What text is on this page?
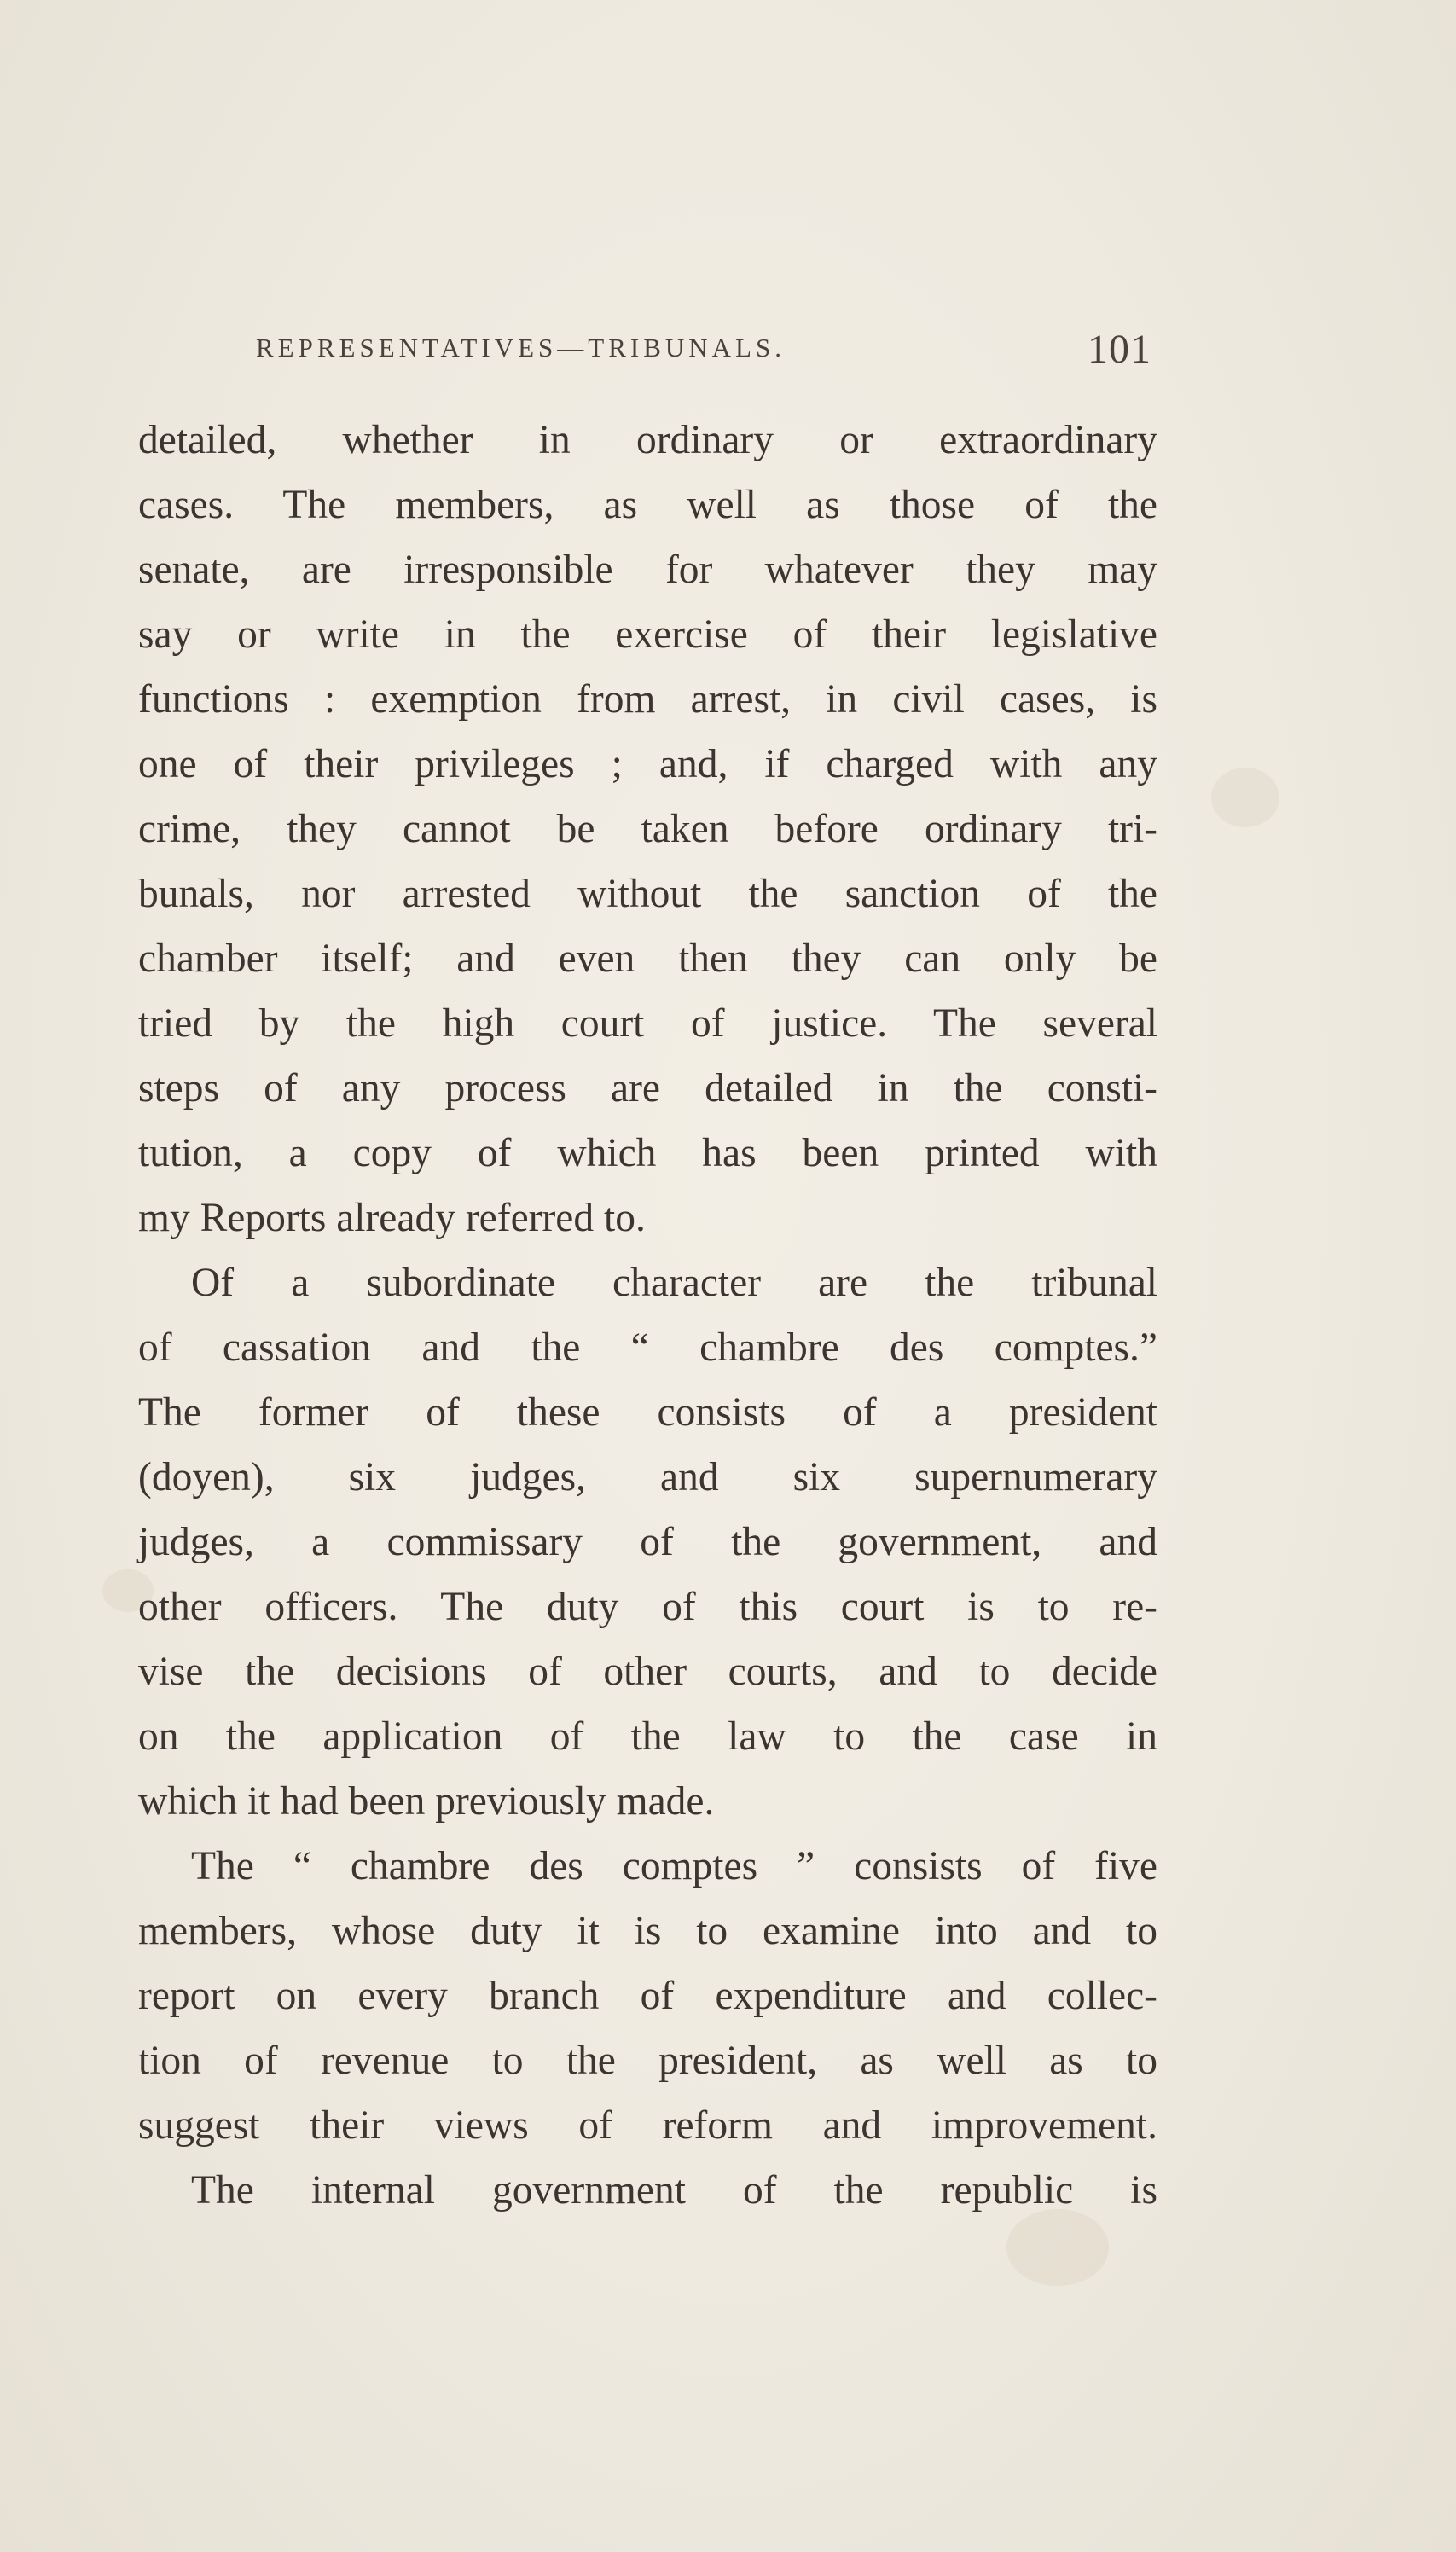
REPRESENTATIVES—TRIBUNALS.	101
detailed, whether in ordinary or extraordinary
cases. The members, as well as those of the
senate, are irresponsible for whatever they may
say or write in the exercise of their legislative
functions : exemption from arrest, in civil cases, is
one of their privileges ; and, if charged with any
crime, they cannot be taken before ordinary tri-
bunals, nor arrested without the sanction of the
chamber itself; and even then they can only be
tried by the high court of justice. The several
steps of any process are detailed in the consti-
tution, a copy of which has been printed with
my Reports already referred to.
Of a subordinate character are the tribunal
of cassation and the “ chambre des comptes.”
The former of these consists of a president
(doyen), six judges, and six supernumerary
judges, a commissary of the government, and
other officers. The duty of this court is to re-
vise the decisions of other courts, and to decide
on the application of the law to the case in
which it had been previously made.
The “ chambre des comptes ” consists of five
members, whose duty it is to examine into and to
report on every branch of expenditure and collec-
tion of revenue to the president, as well as to
suggest their views of reform and improvement.
The internal government of the republic is
